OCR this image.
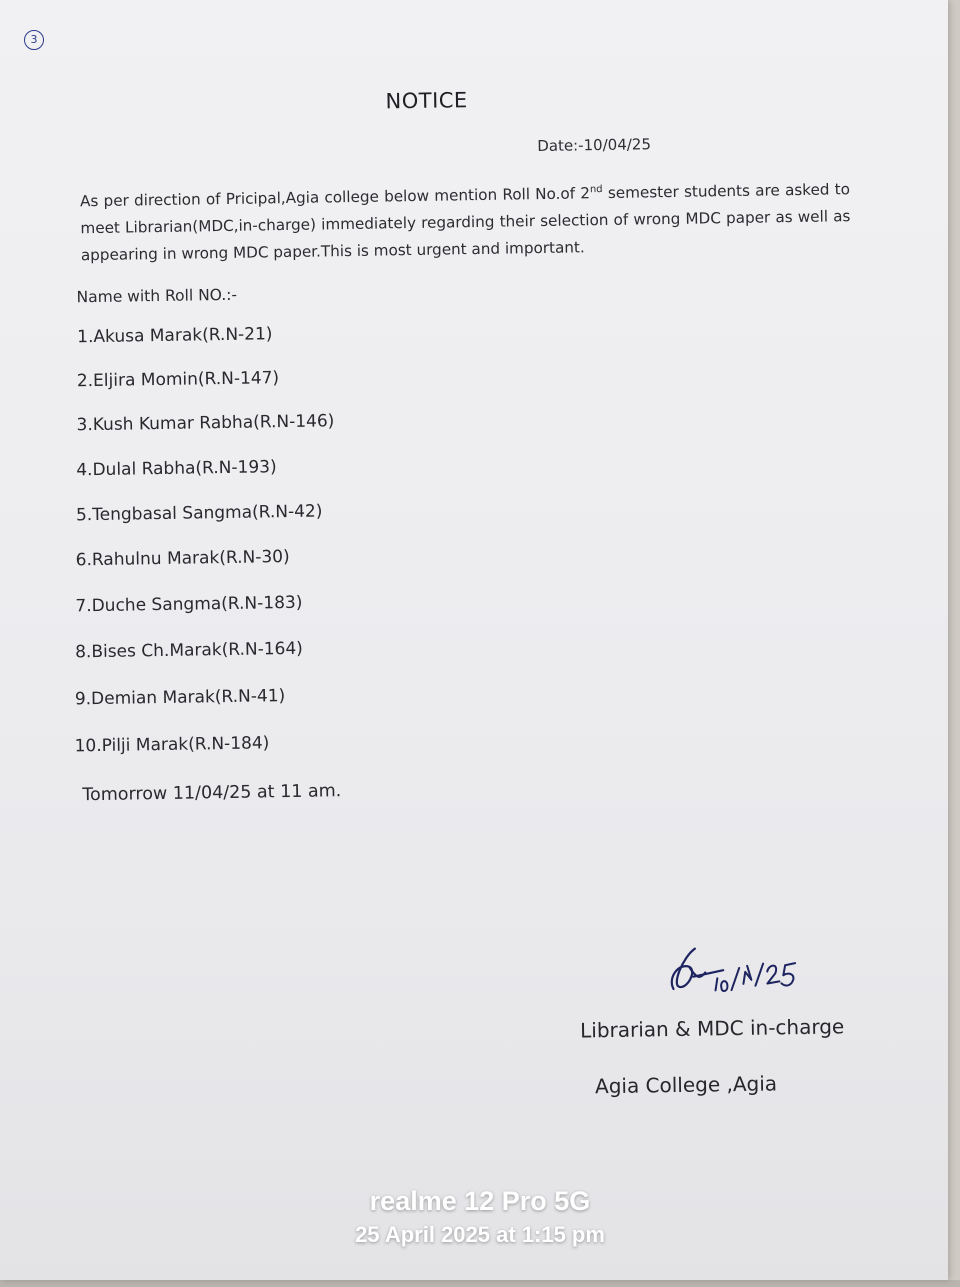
3
NOTICE
Date:-10/04/25
As per direction of Pricipal,Agia college below mention Roll No.of 2nd semester students are asked to meet Librarian(MDC,in-charge) immediately regarding their selection of wrong MDC paper as well as appearing in wrong MDC paper.This is most urgent and important.
Name with Roll NO.:-
1.Akusa Marak(R.N-21)
2.Eljira Momin(R.N-147)
3.Kush Kumar Rabha(R.N-146)
4.Dulal Rabha(R.N-193)
5.Tengbasal Sangma(R.N-42)
6.Rahulnu Marak(R.N-30)
7.Duche Sangma(R.N-183)
8.Bises Ch.Marak(R.N-164)
9.Demian Marak(R.N-41)
10.Pilji Marak(R.N-184)
Tomorrow 11/04/25 at 11 am.
Librarian & MDC in-charge
Agia College ,Agia
realme 12 Pro 5G
25 April 2025 at 1:15 pm
